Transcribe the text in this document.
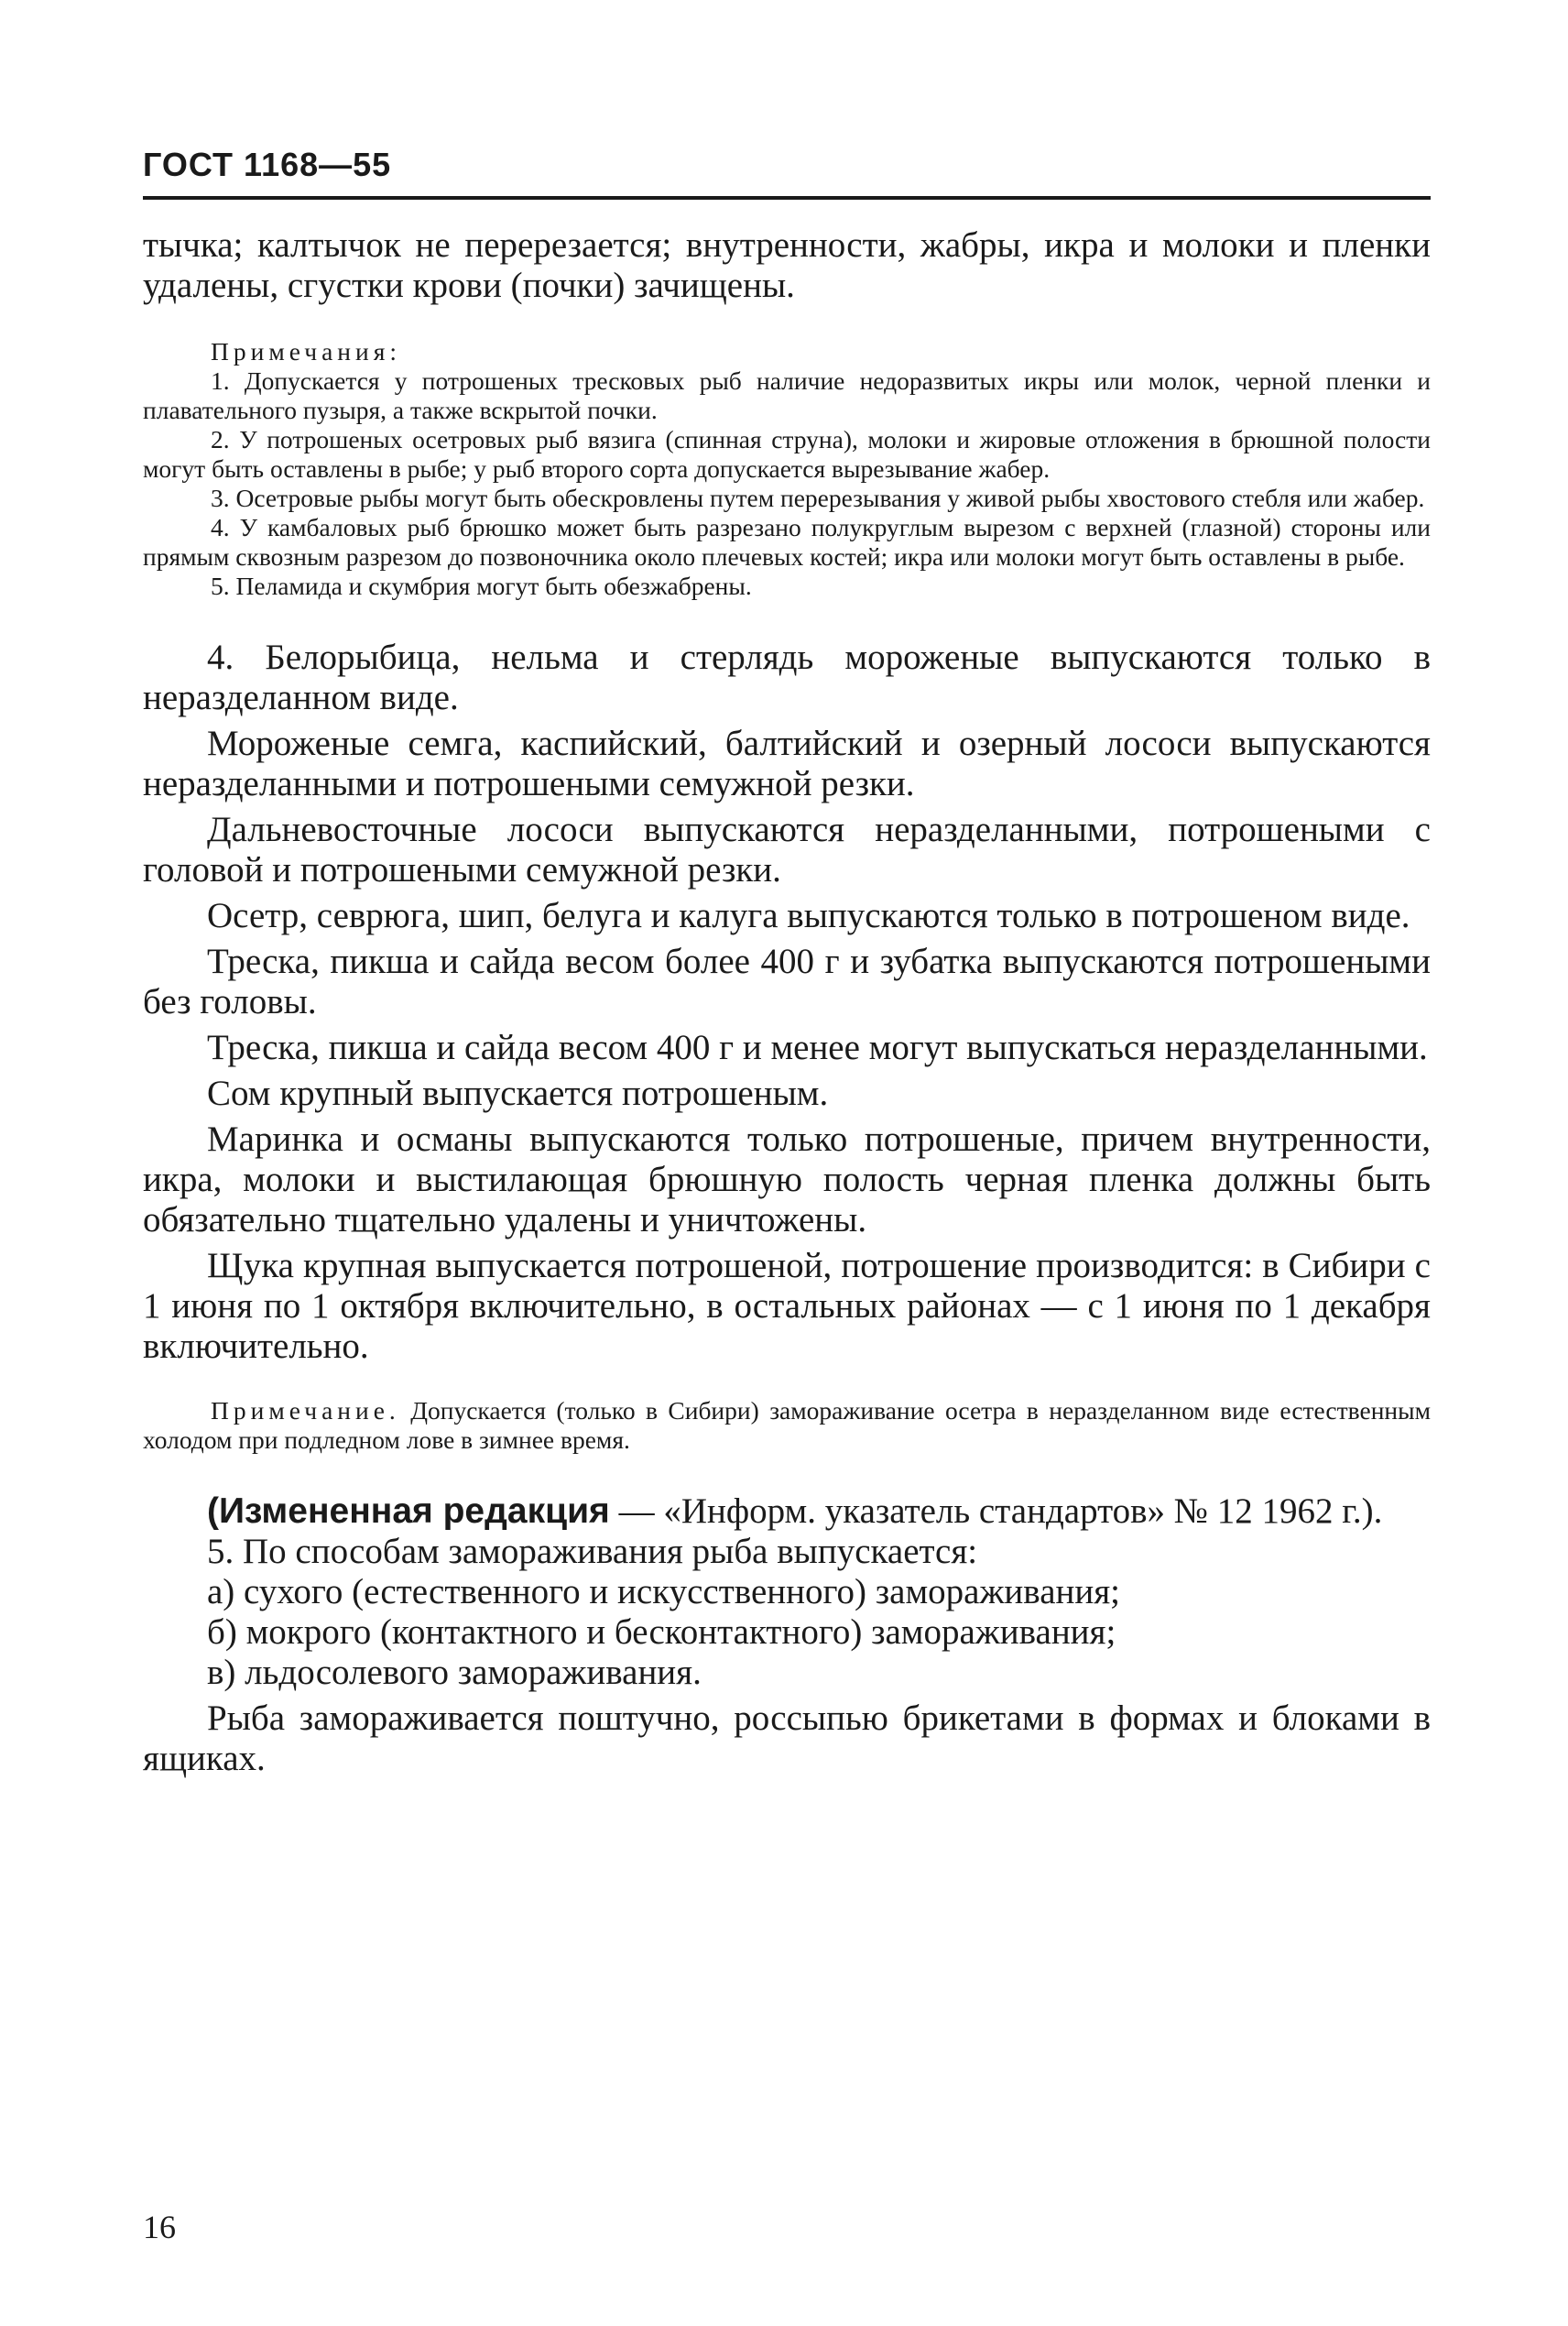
ГОСТ 1168—55

тычка; калтычок не перерезается; внутренности, жабры, икра и молоки и пленки удалены, сгустки крови (почки) зачищены.

Примечания:

1. Допускается у потрошеных тресковых рыб наличие недоразвитых икры или молок, черной пленки и плавательного пузыря, а также вскрытой почки.

2. У потрошеных осетровых рыб вязига (спинная струна), молоки и жировые отложения в брюшной полости могут быть оставлены в рыбе; у рыб второго сорта допускается вырезывание жабер.

3. Осетровые рыбы могут быть обескровлены путем перерезывания у живой рыбы хвостового стебля или жабер.

4. У камбаловых рыб брюшко может быть разрезано полукруглым вырезом с верхней (глазной) стороны или прямым сквозным разрезом до позвоночника около плечевых костей; икра или молоки могут быть оставлены в рыбе.

5. Пеламида и скумбрия могут быть обезжабрены.

4. Белорыбица, нельма и стерлядь мороженые выпускаются только в неразделанном виде.

Мороженые семга, каспийский, балтийский и озерный лососи выпускаются неразделанными и потрошеными семужной резки.

Дальневосточные лососи выпускаются неразделанными, потрошеными с головой и потрошеными семужной резки.

Осетр, севрюга, шип, белуга и калуга выпускаются только в потрошеном виде.

Треска, пикша и сайда весом более 400 г и зубатка выпускаются потрошеными без головы.

Треска, пикша и сайда весом 400 г и менее могут выпускаться неразделанными.

Сом крупный выпускается потрошеным.

Маринка и османы выпускаются только потрошеные, причем внутренности, икра, молоки и выстилающая брюшную полость черная пленка должны быть обязательно тщательно удалены и уничтожены.

Щука крупная выпускается потрошеной, потрошение производится: в Сибири с 1 июня по 1 октября включительно, в остальных районах — с 1 июня по 1 декабря включительно.

Примечание. Допускается (только в Сибири) замораживание осетра в неразделанном виде естественным холодом при подледном лове в зимнее время.

(Измененная редакция — «Информ. указатель стандартов» № 12 1962 г.).

5. По способам замораживания рыба выпускается:

а) сухого (естественного и искусственного) замораживания;

б) мокрого (контактного и бесконтактного) замораживания;

в) льдосолевого замораживания.

Рыба замораживается поштучно, россыпью брикетами в формах и блоками в ящиках.

16
